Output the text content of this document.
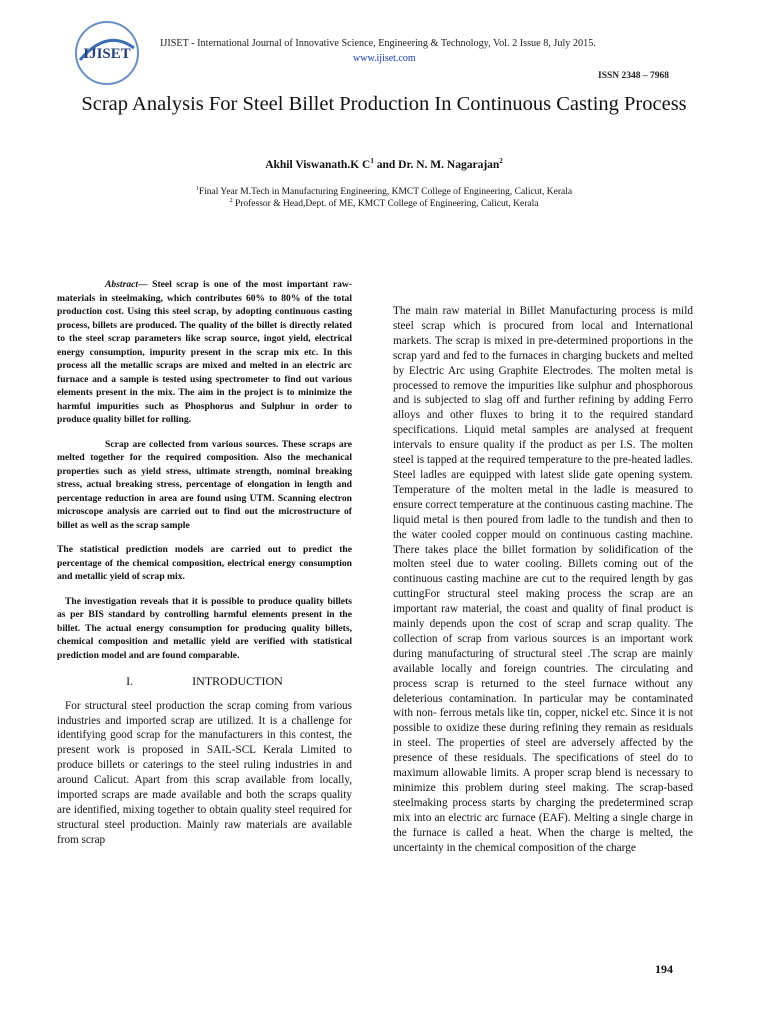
IJISET
IJISET - International Journal of Innovative Science, Engineering & Technology, Vol. 2 Issue 8, July 2015.
www.ijiset.com
ISSN 2348 – 7968
Scrap Analysis For Steel Billet Production In Continuous Casting Process
Akhil Viswanath.K $C^1$ and Dr. N. M. Nagarajan$^2$
$^1$Final Year M.Tech in Manufacturing Engineering, KMCT College of Engineering, Calicut, Kerala
$^2$ Professor & Head,Dept. of ME, KMCT College of Engineering, Calicut, Kerala

Abstract— Steel scrap is one of the most important raw-materials in steelmaking, which contributes 60% to 80% of the total production cost. Using this steel scrap, by adopting continuous casting process, billets are produced. The quality of the billet is directly related to the steel scrap parameters like scrap source, ingot yield, electrical energy consumption, impurity present in the scrap mix etc. In this process all the metallic scraps are mixed and melted in an electric arc furnace and a sample is tested using spectrometer to find out various elements present in the mix. The aim in the project is to minimize the harmful impurities such as Phosphorus and Sulphur in order to produce quality billet for rolling.

Scrap are collected from various sources. These scraps are melted together for the required composition. Also the mechanical properties such as yield stress, ultimate strength, nominal breaking stress, actual breaking stress, percentage of elongation in length and percentage reduction in area are found using UTM. Scanning electron microscope analysis are carried out to find out the microstructure of billet as well as the scrap sample

The statistical prediction models are carried out to predict the percentage of the chemical composition, electrical energy consumption and metallic yield of scrap mix.

The investigation reveals that it is possible to produce quality billets as per BIS standard by controlling harmful elements present in the billet. The actual energy consumption for producing quality billets, chemical composition and metallic yield are verified with statistical prediction model and are found comparable.

I.	INTRODUCTION

For structural steel production the scrap coming from various industries and imported scrap are utilized. It is a challenge for identifying good scrap for the manufacturers in this contest, the present work is proposed in SAIL-SCL Kerala Limited to produce billets or caterings to the steel ruling industries in and around Calicut. Apart from this scrap available from locally, imported scraps are made available and both the scraps quality are identified, mixing together to obtain quality steel required for structural steel production. Mainly raw materials are available from scrap

The main raw material in Billet Manufacturing process is mild steel scrap which is procured from local and International markets. The scrap is mixed in pre-determined proportions in the scrap yard and fed to the furnaces in charging buckets and melted by Electric Arc using Graphite Electrodes. The molten metal is processed to remove the impurities like sulphur and phosphorous and is subjected to slag off and further refining by adding Ferro alloys and other fluxes to bring it to the required standard specifications. Liquid metal samples are analysed at frequent intervals to ensure quality if the product as per I.S. The molten steel is tapped at the required temperature to the pre-heated ladles. Steel ladles are equipped with latest slide gate opening system. Temperature of the molten metal in the ladle is measured to ensure correct temperature at the continuous casting machine. The liquid metal is then poured from ladle to the tundish and then to the water cooled copper mould on continuous casting machine. There takes place the billet formation by solidification of the molten steel due to water cooling. Billets coming out of the continuous casting machine are cut to the required length by gas cuttingFor structural steel making process the scrap are an important raw material, the coast and quality of final product is mainly depends upon the cost of scrap and scrap quality. The collection of scrap from various sources is an important work during manufacturing of structural steel .The scrap are mainly available locally and foreign countries. The circulating and process scrap is returned to the steel furnace without any deleterious contamination. In particular may be contaminated with non- ferrous metals like tin, copper, nickel etc. Since it is not possible to oxidize these during refining they remain as residuals in steel. The properties of steel are adversely affected by the presence of these residuals. The specifications of steel do to maximum allowable limits. A proper scrap blend is necessary to minimize this problem during steel making. The scrap-based steelmaking process starts by charging the predetermined scrap mix into an electric arc furnace (EAF). Melting a single charge in the furnace is called a heat. When the charge is melted, the uncertainty in the chemical composition of the charge

194
